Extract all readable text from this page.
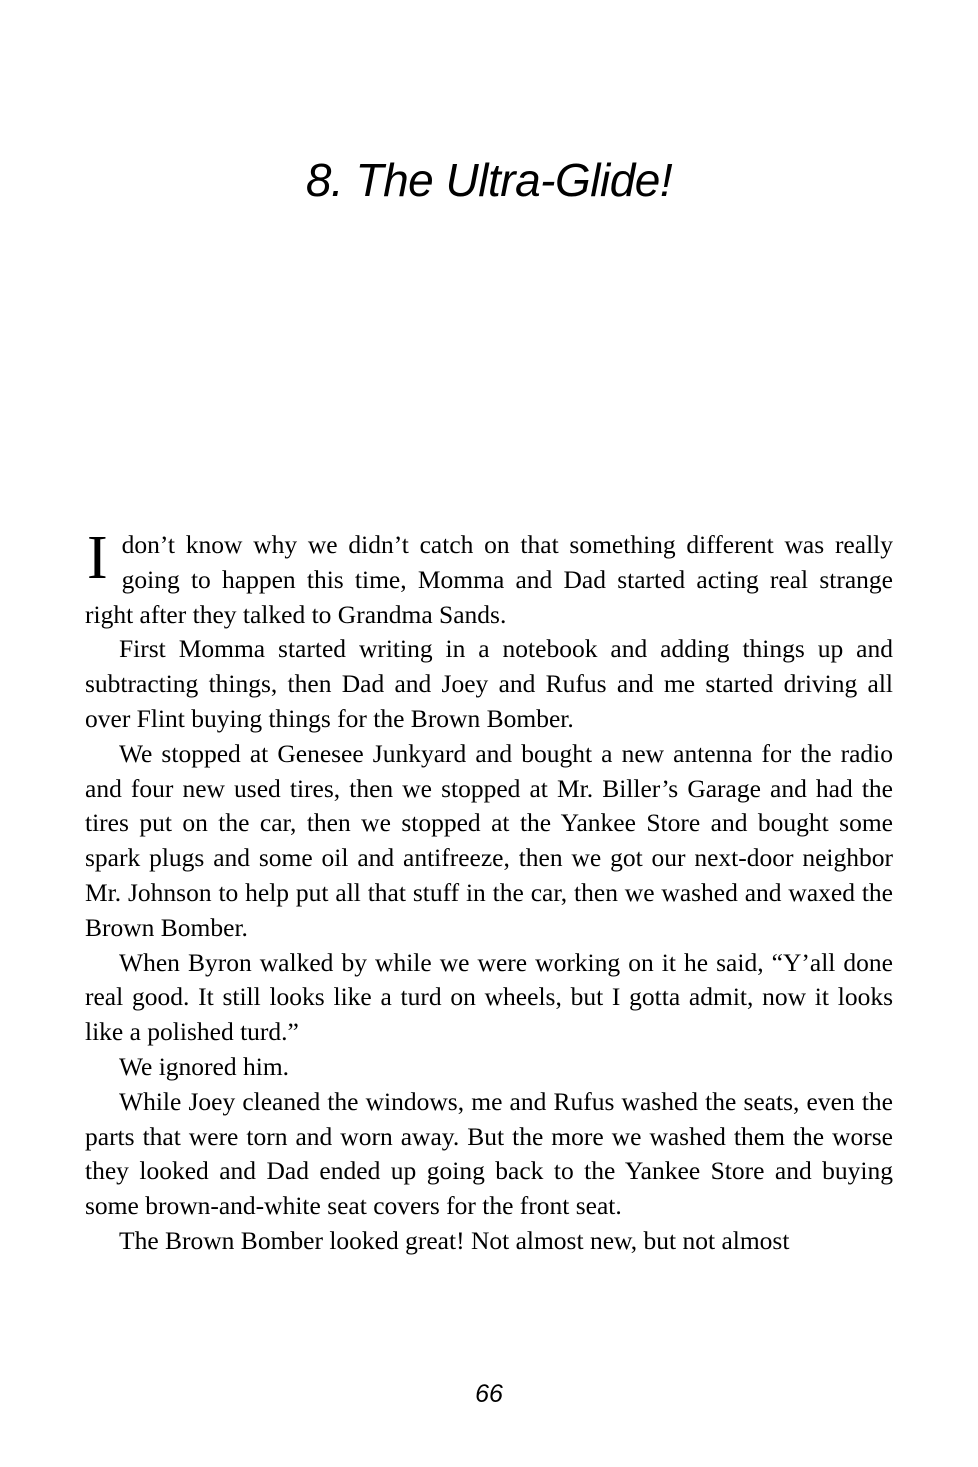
8. The Ultra-Glide!

Idon’t know why we didn’t catch on that something different was really going to happen this time, Momma and Dad started acting real strange right after they talked to Grandma Sands.

First Momma started writing in a notebook and adding things up and subtracting things, then Dad and Joey and Rufus and me started driving all over Flint buying things for the Brown Bomber.

We stopped at Genesee Junkyard and bought a new antenna for the radio and four new used tires, then we stopped at Mr. Biller’s Garage and had the tires put on the car, then we stopped at the Yankee Store and bought some spark plugs and some oil and antifreeze, then we got our next-door neighbor Mr. Johnson to help put all that stuff in the car, then we washed and waxed the Brown Bomber.

When Byron walked by while we were working on it he said, “Y’all done real good. It still looks like a turd on wheels, but I gotta admit, now it looks like a polished turd.”

We ignored him.

While Joey cleaned the windows, me and Rufus washed the seats, even the parts that were torn and worn away. But the more we washed them the worse they looked and Dad ended up going back to the Yankee Store and buying some brown-and-white seat covers for the front seat.

The Brown Bomber looked great! Not almost new, but not almost

66
